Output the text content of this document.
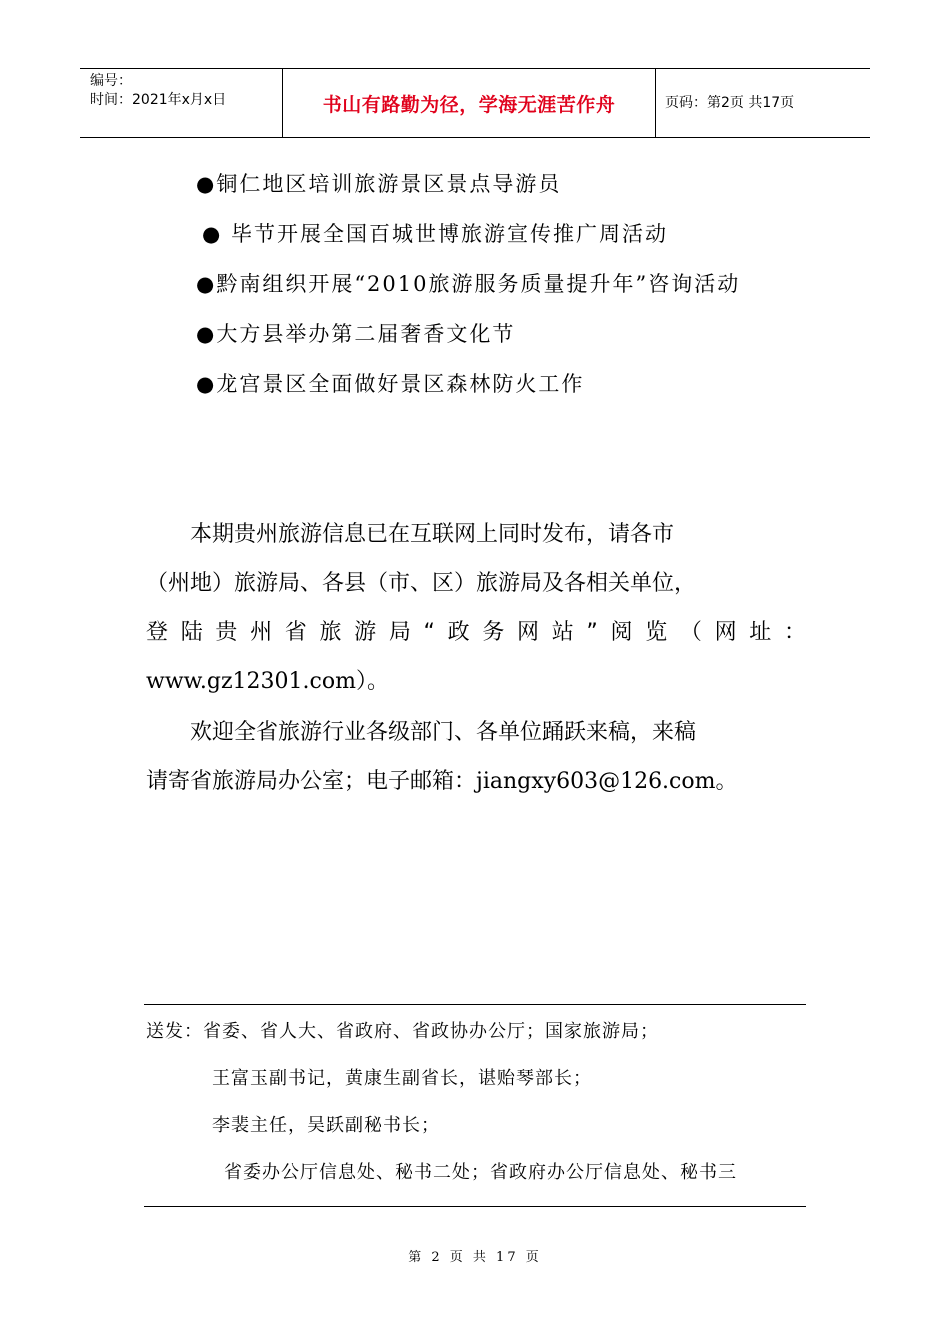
编号：
时间：2021年x月x日	书山有路勤为径，学海无涯苦作舟	页码：第2页 共17页
●铜仁地区培训旅游景区景点导游员
● 毕节开展全国百城世博旅游宣传推广周活动
●黔南组织开展“2010旅游服务质量提升年”咨询活动
●大方县举办第二届奢香文化节
●龙宫景区全面做好景区森林防火工作
　　本期贵州旅游信息已在互联网上同时发布，请各市
（州地）旅游局、各县（市、区）旅游局及各相关单位，
登陆贵州省旅游局“政务网站”阅览（网址：
www.gz12301.com）。
　　欢迎全省旅游行业各级部门、各单位踊跃来稿，来稿
请寄省旅游局办公室；电子邮箱：jiangxy603@126.com。
送发：省委、省人大、省政府、省政协办公厅；国家旅游局；
王富玉副书记，黄康生副省长，谌贻琴部长；
李裴主任，吴跃副秘书长；
省委办公厅信息处、秘书二处；省政府办公厅信息处、秘书三
第 2 页 共 17 页
